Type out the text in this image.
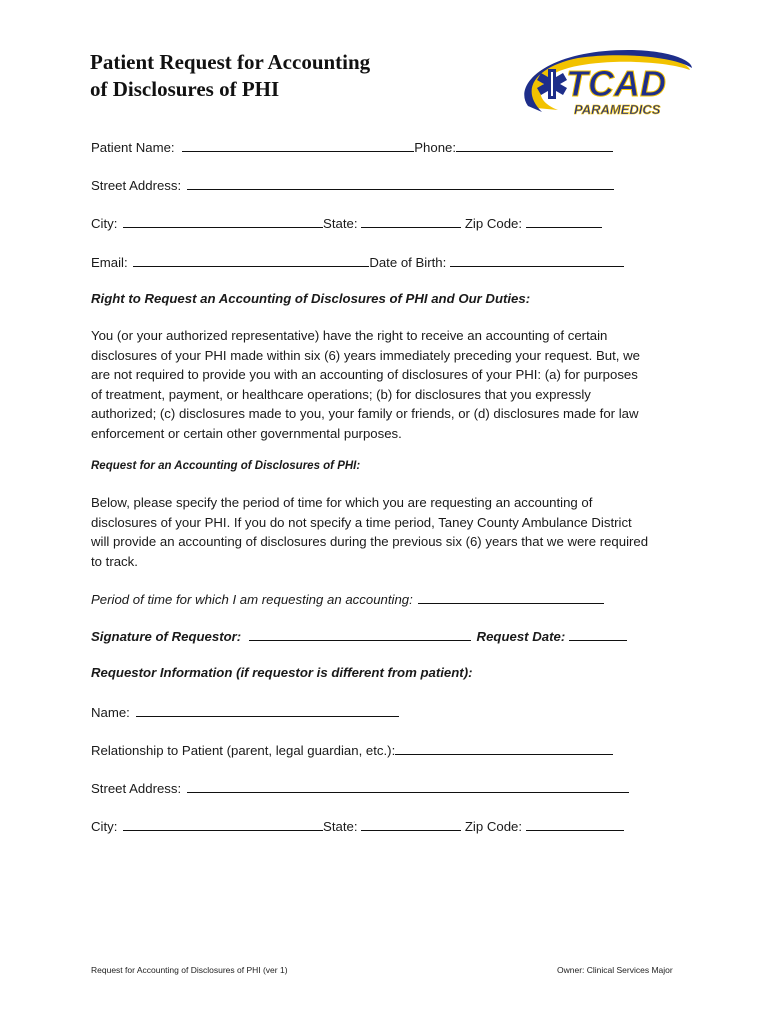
Patient Request for Accounting
of Disclosures of PHI	TCAD
PARAMEDICS
Patient Name:	Phone:
Street Address:
City:	State:	Zip Code:
Email:	Date of Birth:
Right to Request an Accounting of Disclosures of PHI and Our Duties:
You (or your authorized representative) have the right to receive an accounting of certain
disclosures of your PHI made within six (6) years immediately preceding your request. But, we
are not required to provide you with an accounting of disclosures of your PHI: (a) for purposes
of treatment, payment, or healthcare operations; (b) for disclosures that you expressly
authorized; (c) disclosures made to you, your family or friends, or (d) disclosures made for law
enforcement or certain other governmental purposes.
Request for an Accounting of Disclosures of PHI:
Below, please specify the period of time for which you are requesting an accounting of
disclosures of your PHI. If you do not specify a time period, Taney County Ambulance District
will provide an accounting of disclosures during the previous six (6) years that we were required
to track.
Period of time for which I am requesting an accounting:
Signature of Requestor:	Request Date:
Requestor Information (if requestor is different from patient):
Name:
Relationship to Patient (parent, legal guardian, etc.):
Street Address:
City:	State:	Zip Code:
Request for Accounting of Disclosures of PHI (ver 1)	Owner: Clinical Services Major
